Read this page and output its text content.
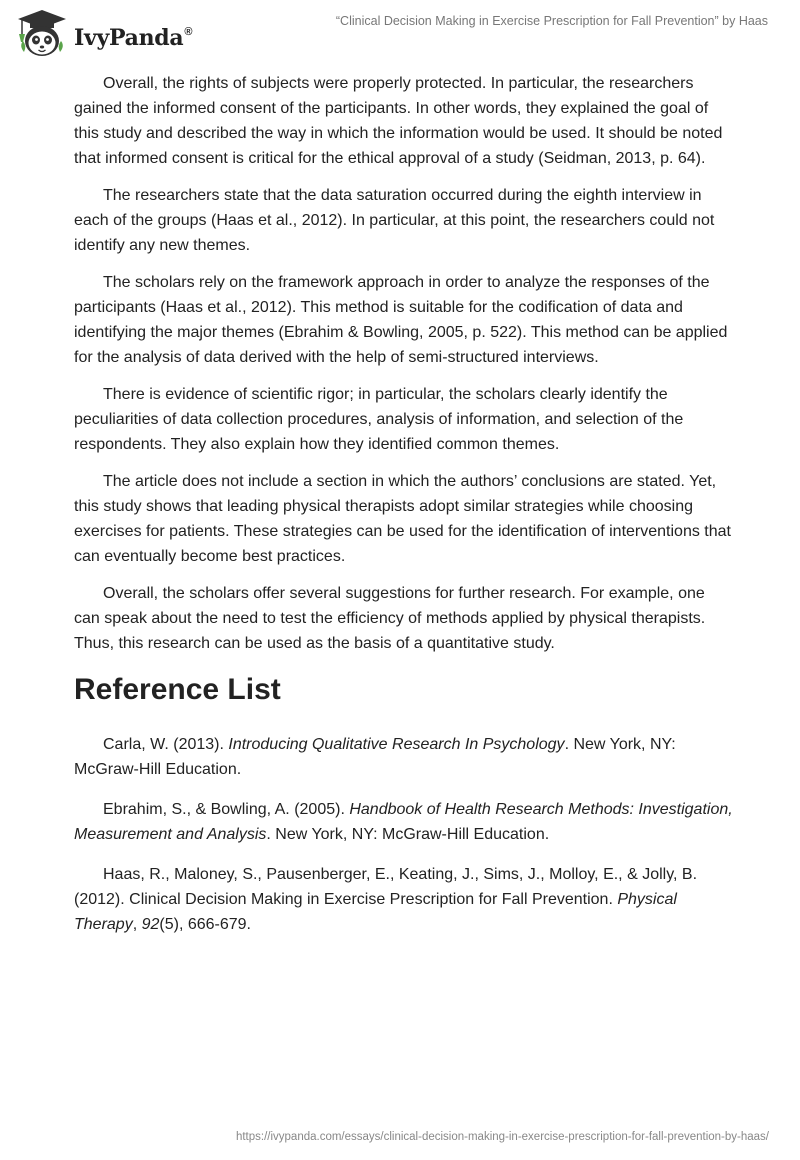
IvyPanda®
“Clinical Decision Making in Exercise Prescription for Fall Prevention” by Haas

Overall, the rights of subjects were properly protected. In particular, the researchers gained the informed consent of the participants. In other words, they explained the goal of this study and described the way in which the information would be used. It should be noted that informed consent is critical for the ethical approval of a study (Seidman, 2013, p. 64).

The researchers state that the data saturation occurred during the eighth interview in each of the groups (Haas et al., 2012). In particular, at this point, the researchers could not identify any new themes.

The scholars rely on the framework approach in order to analyze the responses of the participants (Haas et al., 2012). This method is suitable for the codification of data and identifying the major themes (Ebrahim & Bowling, 2005, p. 522). This method can be applied for the analysis of data derived with the help of semi-structured interviews.

There is evidence of scientific rigor; in particular, the scholars clearly identify the peculiarities of data collection procedures, analysis of information, and selection of the respondents. They also explain how they identified common themes.

The article does not include a section in which the authors’ conclusions are stated. Yet, this study shows that leading physical therapists adopt similar strategies while choosing exercises for patients. These strategies can be used for the identification of interventions that can eventually become best practices.

Overall, the scholars offer several suggestions for further research. For example, one can speak about the need to test the efficiency of methods applied by physical therapists. Thus, this research can be used as the basis of a quantitative study.

Reference List

Carla, W. (2013). Introducing Qualitative Research In Psychology. New York, NY: McGraw-Hill Education.

Ebrahim, S., & Bowling, A. (2005). Handbook of Health Research Methods: Investigation, Measurement and Analysis. New York, NY: McGraw-Hill Education.

Haas, R., Maloney, S., Pausenberger, E., Keating, J., Sims, J., Molloy, E., & Jolly, B. (2012). Clinical Decision Making in Exercise Prescription for Fall Prevention. Physical Therapy, 92(5), 666-679.

https://ivypanda.com/essays/clinical-decision-making-in-exercise-prescription-for-fall-prevention-by-haas/
